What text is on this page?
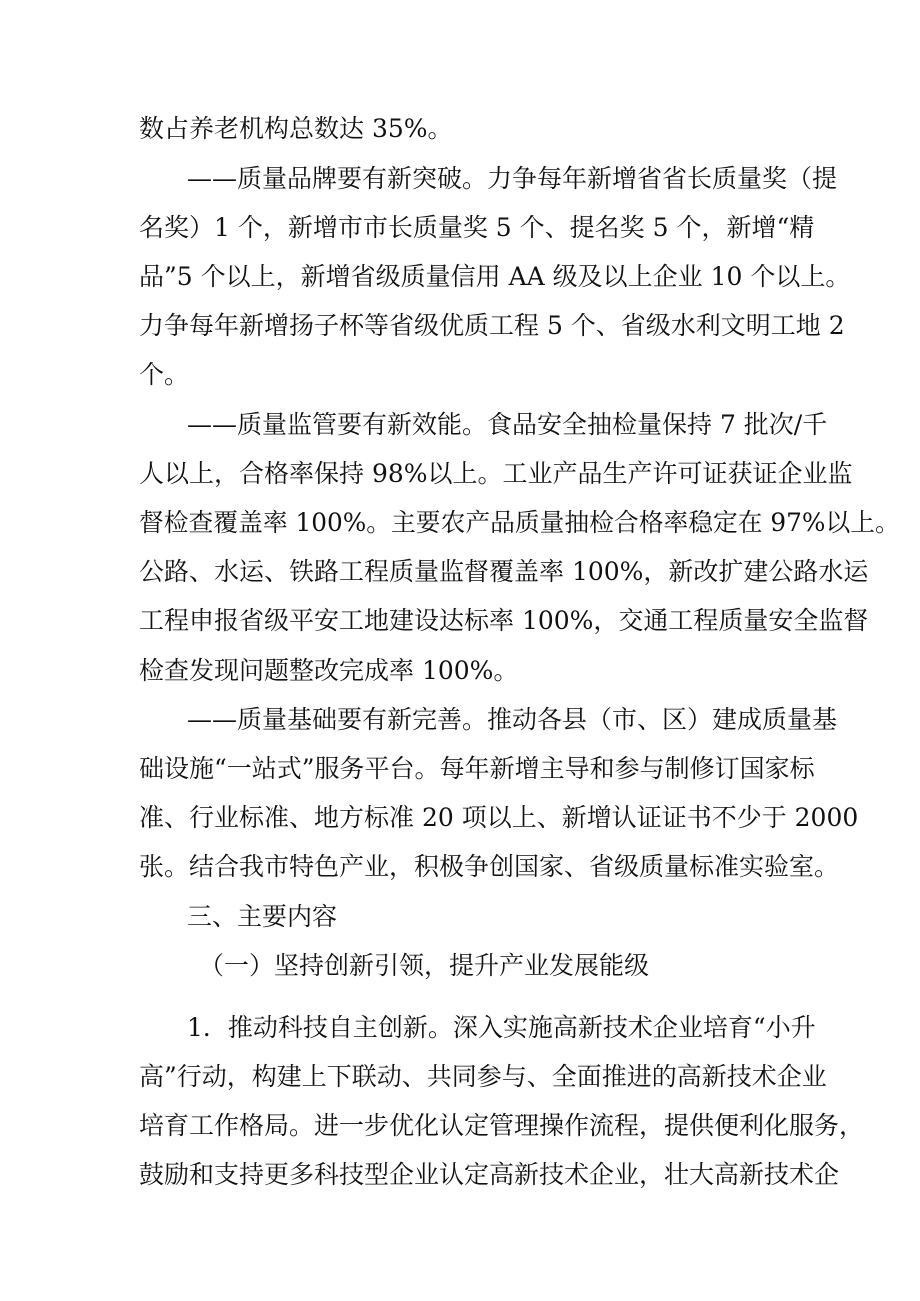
数占养老机构总数达 35%。
——质量品牌要有新突破。力争每年新增省省长质量奖（提
名奖）1 个，新增市市长质量奖 5 个、提名奖 5 个，新增“精
品”5 个以上，新增省级质量信用 AA 级及以上企业 10 个以上。
力争每年新增扬子杯等省级优质工程 5 个、省级水利文明工地 2
个。
——质量监管要有新效能。食品安全抽检量保持 7 批次/千
人以上，合格率保持 98%以上。工业产品生产许可证获证企业监
督检查覆盖率 100%。主要农产品质量抽检合格率稳定在 97%以上。
公路、水运、铁路工程质量监督覆盖率 100%，新改扩建公路水运
工程申报省级平安工地建设达标率 100%，交通工程质量安全监督
检查发现问题整改完成率 100%。
——质量基础要有新完善。推动各县（市、区）建成质量基
础设施“一站式”服务平台。每年新增主导和参与制修订国家标
准、行业标准、地方标准 20 项以上、新增认证证书不少于 2000
张。结合我市特色产业，积极争创国家、省级质量标准实验室。
三、主要内容
（一）坚持创新引领，提升产业发展能级
1．推动科技自主创新。深入实施高新技术企业培育“小升
高”行动，构建上下联动、共同参与、全面推进的高新技术企业
培育工作格局。进一步优化认定管理操作流程，提供便利化服务，
鼓励和支持更多科技型企业认定高新技术企业，壮大高新技术企
